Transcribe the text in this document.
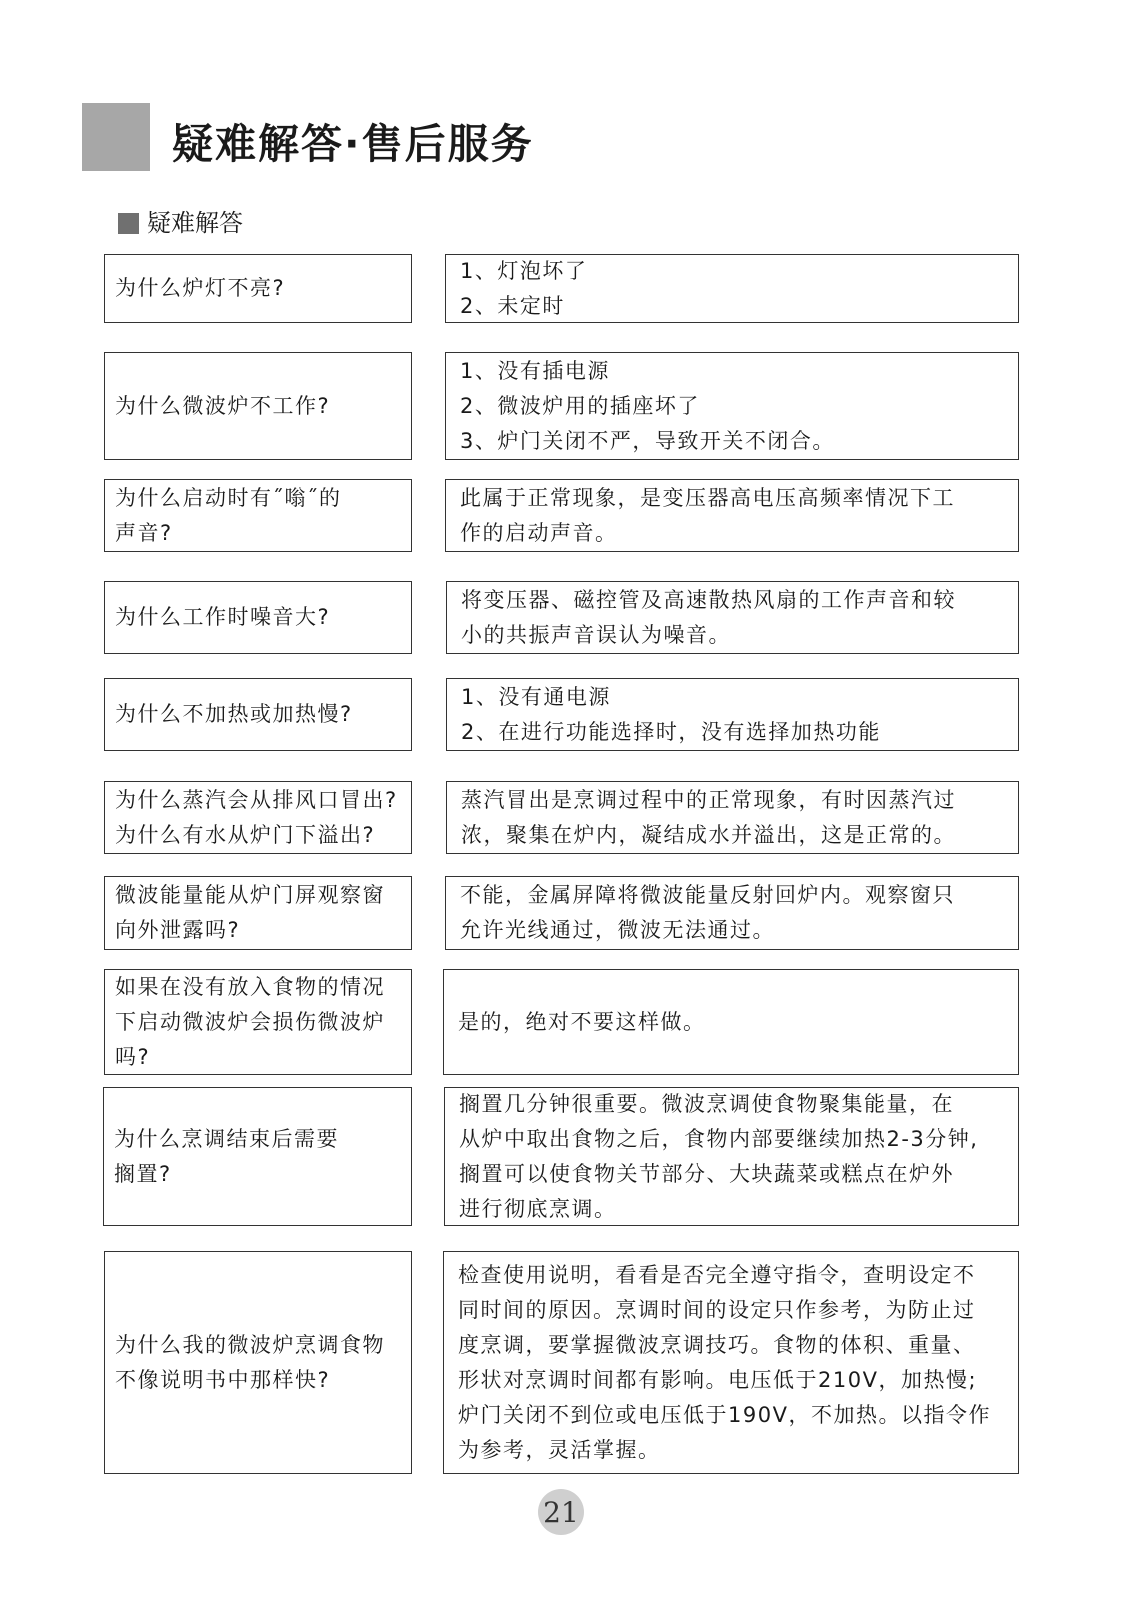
疑难解答·售后服务
疑难解答
为什么炉灯不亮?
1、灯泡坏了
2、未定时
为什么微波炉不工作?
1、没有插电源
2、微波炉用的插座坏了
3、炉门关闭不严，导致开关不闭合。
为什么启动时有˝嗡˝的
声音?
此属于正常现象，是变压器高电压高频率情况下工
作的启动声音。
为什么工作时噪音大?
将变压器、磁控管及高速散热风扇的工作声音和较
小的共振声音误认为噪音。
为什么不加热或加热慢?
1、没有通电源
2、在进行功能选择时，没有选择加热功能
为什么蒸汽会从排风口冒出?
为什么有水从炉门下溢出?
蒸汽冒出是烹调过程中的正常现象，有时因蒸汽过
浓，聚集在炉内，凝结成水并溢出，这是正常的。
微波能量能从炉门屏观察窗
向外泄露吗?
不能，金属屏障将微波能量反射回炉内。观察窗只
允许光线通过，微波无法通过。
如果在没有放入食物的情况
下启动微波炉会损伤微波炉
吗?
是的，绝对不要这样做。
为什么烹调结束后需要
搁置?
搁置几分钟很重要。微波烹调使食物聚集能量，在
从炉中取出食物之后，食物内部要继续加热2-3分钟,
搁置可以使食物关节部分、大块蔬菜或糕点在炉外
进行彻底烹调。
为什么我的微波炉烹调食物
不像说明书中那样快?
检查使用说明，看看是否完全遵守指令，查明设定不
同时间的原因。烹调时间的设定只作参考，为防止过
度烹调，要掌握微波烹调技巧。食物的体积、重量、
形状对烹调时间都有影响。电压低于210V，加热慢;
炉门关闭不到位或电压低于190V，不加热。以指令作
为参考，灵活掌握。
21
